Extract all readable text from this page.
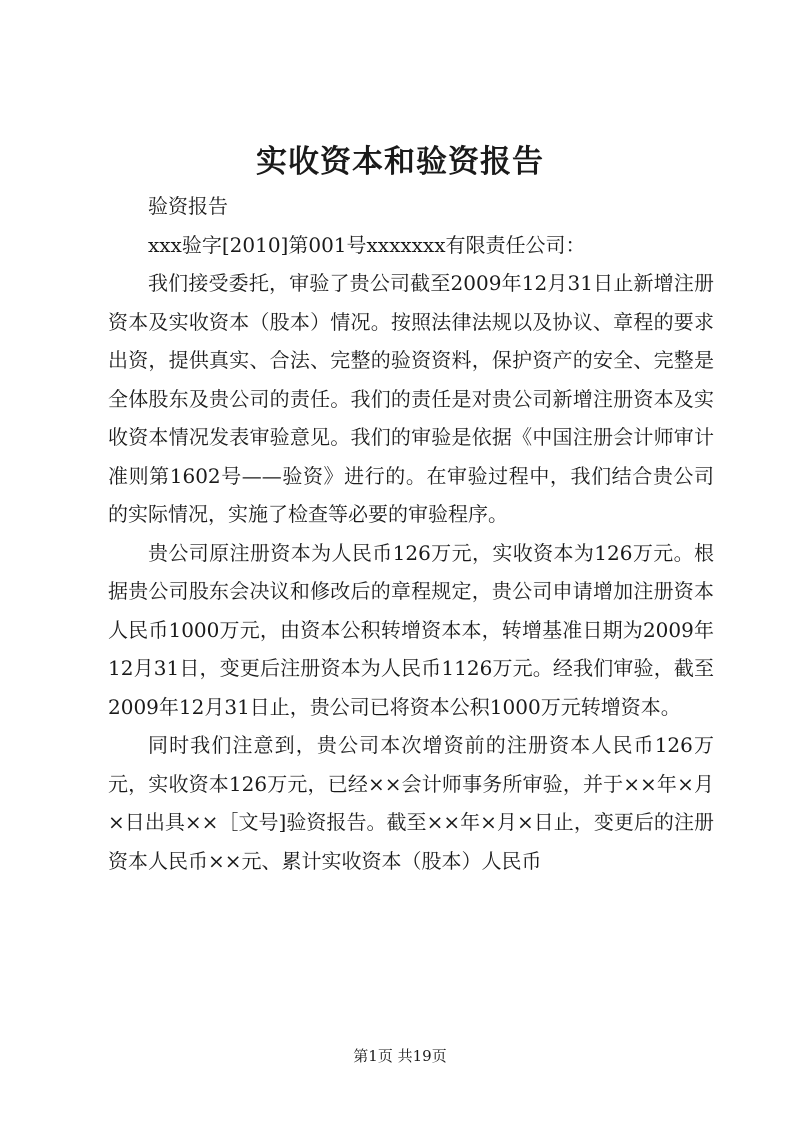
实收资本和验资报告

验资报告

xxx验字[2010]第001号xxxxxxx有限责任公司：

我们接受委托，审验了贵公司截至2009年12月31日止新增注册资本及实收资本（股本）情况。按照法律法规以及协议、章程的要求出资，提供真实、合法、完整的验资资料，保护资产的安全、完整是全体股东及贵公司的责任。我们的责任是对贵公司新增注册资本及实收资本情况发表审验意见。我们的审验是依据《中国注册会计师审计准则第1602号——验资》进行的。在审验过程中，我们结合贵公司的实际情况，实施了检查等必要的审验程序。

贵公司原注册资本为人民币126万元，实收资本为126万元。根据贵公司股东会决议和修改后的章程规定，贵公司申请增加注册资本人民币1000万元，由资本公积转增资本本，转增基准日期为2009年12月31日，变更后注册资本为人民币1126万元。经我们审验，截至2009年12月31日止，贵公司已将资本公积1000万元转增资本。

同时我们注意到，贵公司本次增资前的注册资本人民币126万元，实收资本126万元，已经××会计师事务所审验，并于××年×月×日出具××［文号]验资报告。截至××年×月×日止，变更后的注册资本人民币××元、累计实收资本（股本）人民币

第1页 共19页
